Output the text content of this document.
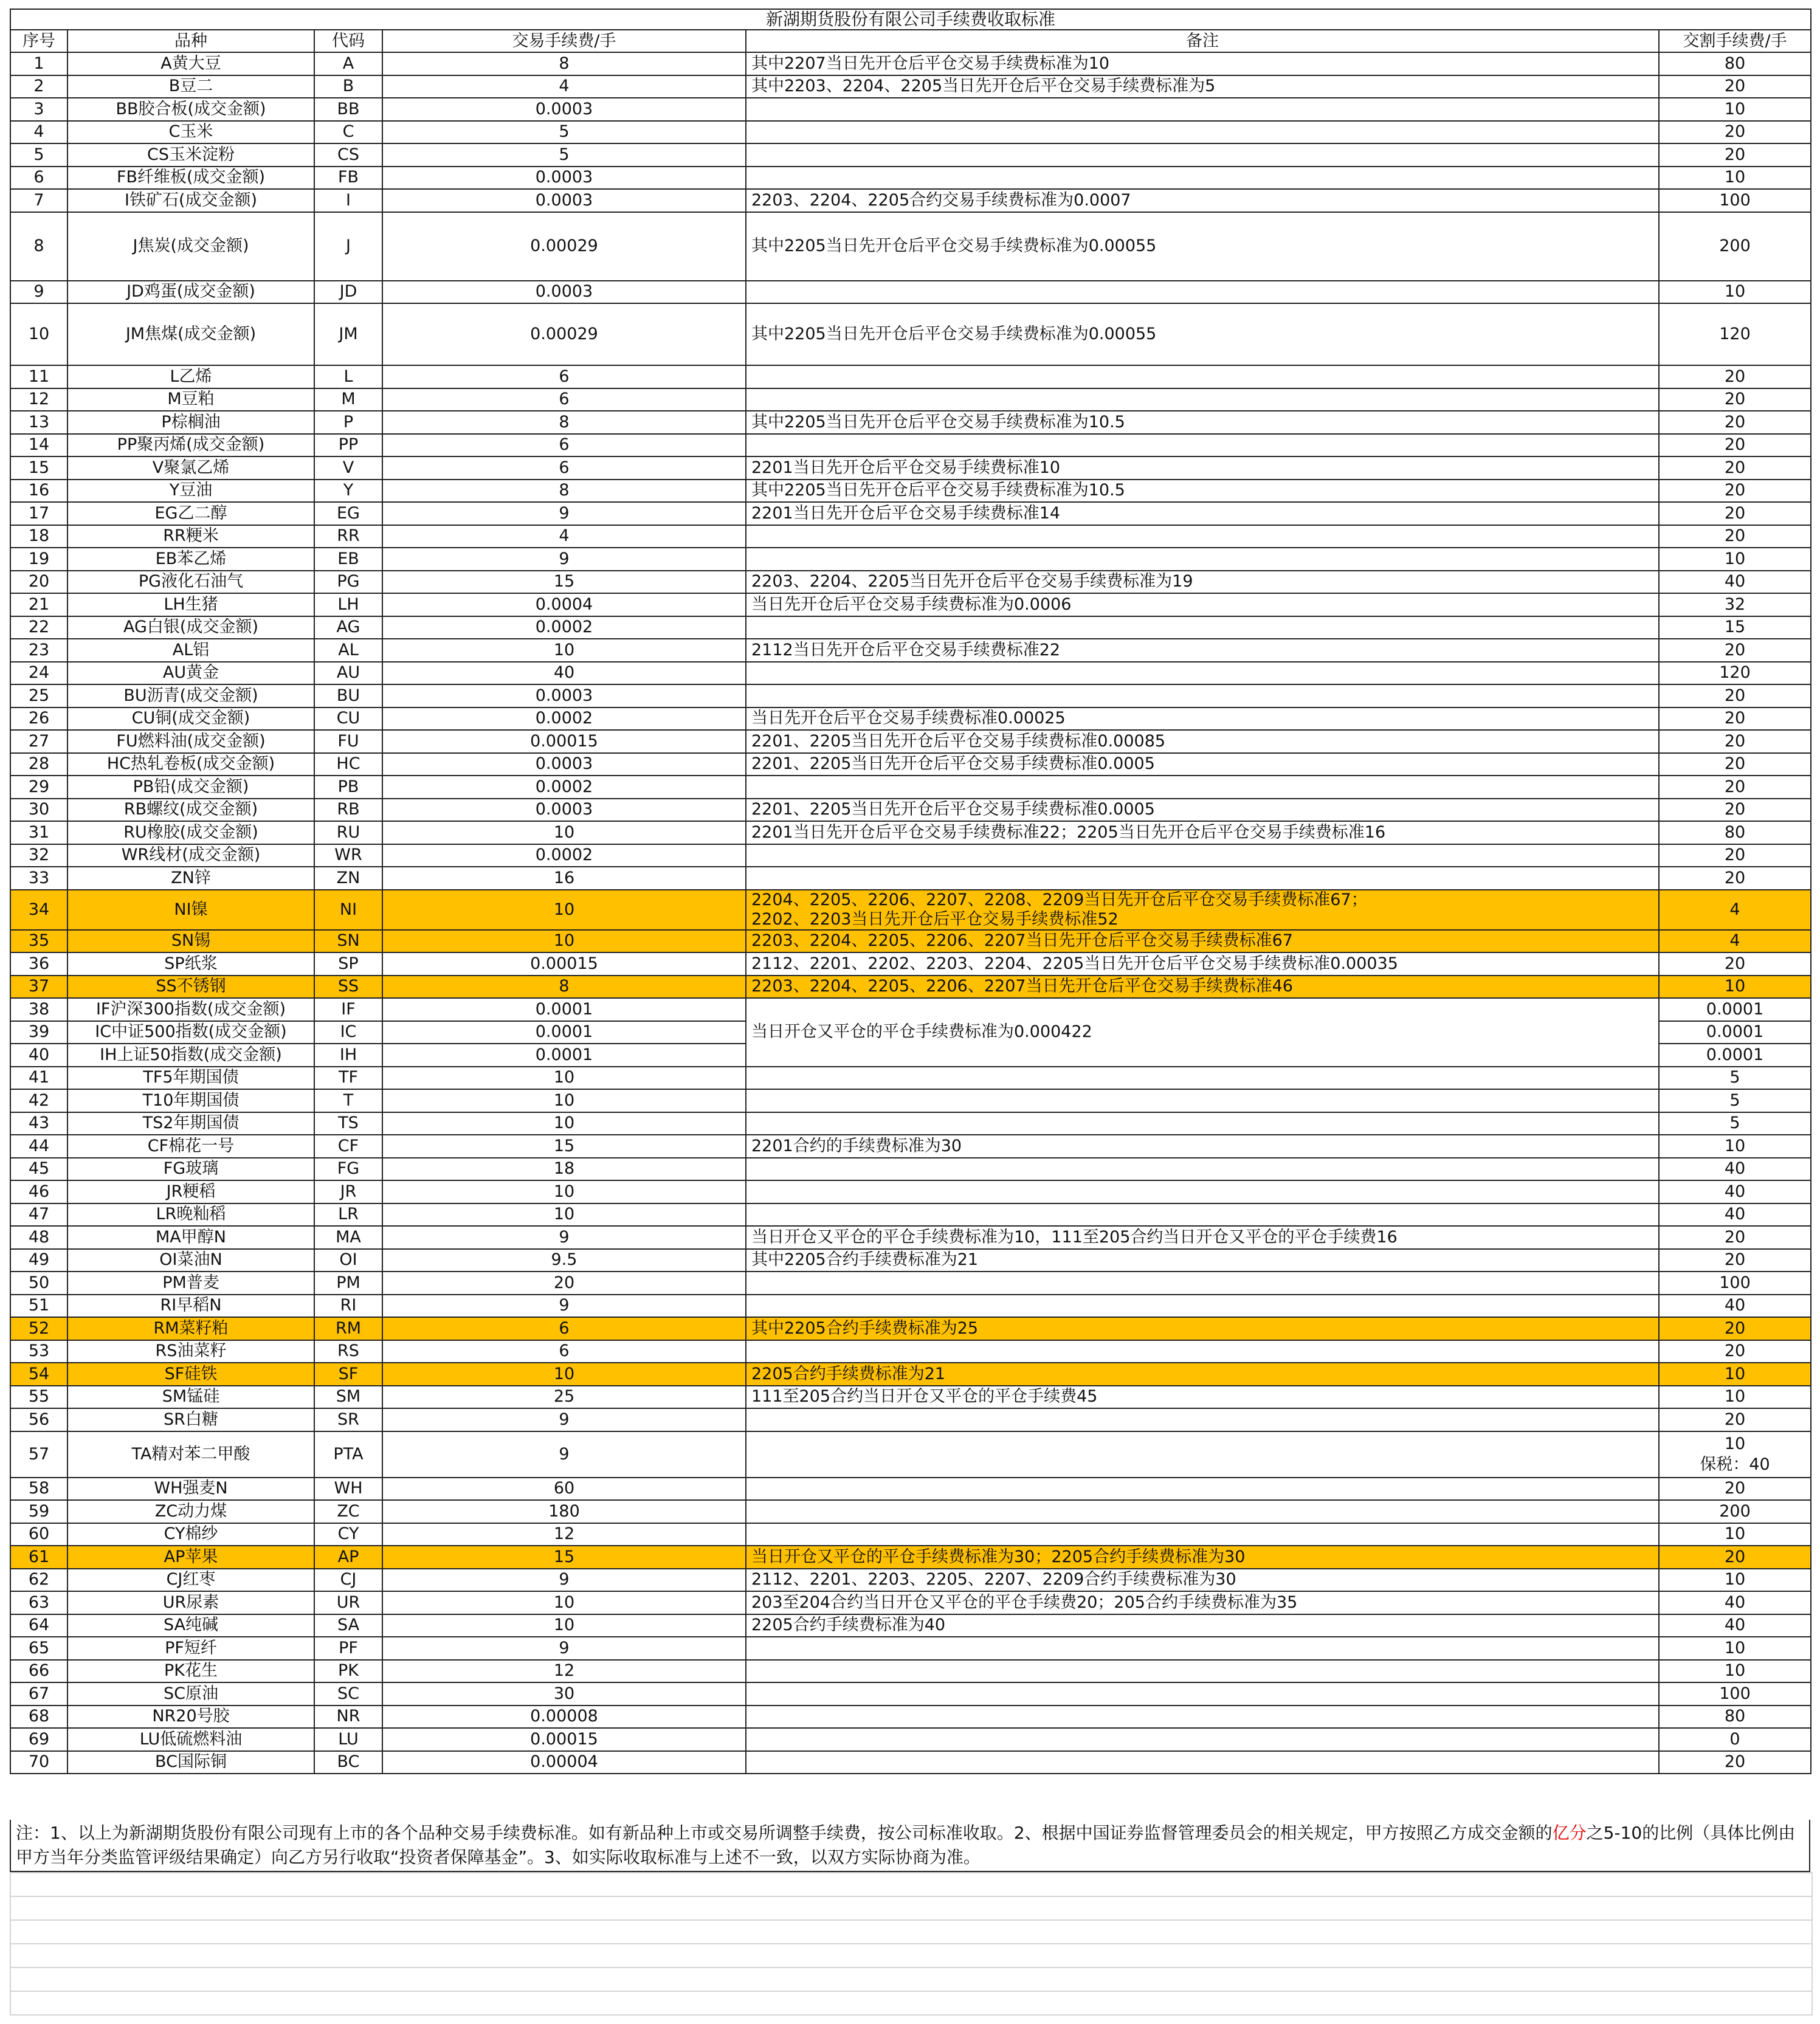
新湖期货股份有限公司手续费收取标准					
序号	品种	代码	交易手续费/手	备注	交割手续费/手
1	A黄大豆	A	8	其中2207当日先开仓后平仓交易手续费标准为10	80
2	B豆二	B	4	其中2203、2204、2205当日先开仓后平仓交易手续费标准为5	20
3	BB胶合板(成交金额)	BB	0.0003		10
4	C玉米	C	5		20
5	CS玉米淀粉	CS	5		20
6	FB纤维板(成交金额)	FB	0.0003		10
7	I铁矿石(成交金额)	I	0.0003	2203、2204、2205合约交易手续费标准为0.0007	100
8	J焦炭(成交金额)	J	0.00029	其中2205当日先开仓后平仓交易手续费标准为0.00055	200
9	JD鸡蛋(成交金额)	JD	0.0003		10
10	JM焦煤(成交金额)	JM	0.00029	其中2205当日先开仓后平仓交易手续费标准为0.00055	120
11	L乙烯	L	6		20
12	M豆粕	M	6		20
13	P棕榈油	P	8	其中2205当日先开仓后平仓交易手续费标准为10.5	20
14	PP聚丙烯(成交金额)	PP	6		20
15	V聚氯乙烯	V	6	2201当日先开仓后平仓交易手续费标准10	20
16	Y豆油	Y	8	其中2205当日先开仓后平仓交易手续费标准为10.5	20
17	EG乙二醇	EG	9	2201当日先开仓后平仓交易手续费标准14	20
18	RR粳米	RR	4		20
19	EB苯乙烯	EB	9		10
20	PG液化石油气	PG	15	2203、2204、2205当日先开仓后平仓交易手续费标准为19	40
21	LH生猪	LH	0.0004	当日先开仓后平仓交易手续费标准为0.0006	32
22	AG白银(成交金额)	AG	0.0002		15
23	AL铝	AL	10	2112当日先开仓后平仓交易手续费标准22	20
24	AU黄金	AU	40		120
25	BU沥青(成交金额)	BU	0.0003		20
26	CU铜(成交金额)	CU	0.0002	当日先开仓后平仓交易手续费标准0.00025	20
27	FU燃料油(成交金额)	FU	0.00015	2201、2205当日先开仓后平仓交易手续费标准0.00085	20
28	HC热轧卷板(成交金额)	HC	0.0003	2201、2205当日先开仓后平仓交易手续费标准0.0005	20
29	PB铅(成交金额)	PB	0.0002		20
30	RB螺纹(成交金额)	RB	0.0003	2201、2205当日先开仓后平仓交易手续费标准0.0005	20
31	RU橡胶(成交金额)	RU	10	2201当日先开仓后平仓交易手续费标准22；2205当日先开仓后平仓交易手续费标准16	80
32	WR线材(成交金额)	WR	0.0002		20
33	ZN锌	ZN	16		20
34	NI镍	NI	10	2204、2205、2206、2207、2208、2209当日先开仓后平仓交易手续费标准67；
2202、2203当日先开仓后平仓交易手续费标准52	4
35	SN锡	SN	10	2203、2204、2205、2206、2207当日先开仓后平仓交易手续费标准67	4
36	SP纸浆	SP	0.00015	2112、2201、2202、2203、2204、2205当日先开仓后平仓交易手续费标准0.00035	20
37	SS不锈钢	SS	8	2203、2204、2205、2206、2207当日先开仓后平仓交易手续费标准46	10
38	IF沪深300指数(成交金额)	IF	0.0001	当日开仓又平仓的平仓手续费标准为0.000422	0.0001
39	IC中证500指数(成交金额)	IC	0.0001		0.0001
40	IH上证50指数(成交金额)	IH	0.0001		0.0001
41	TF5年期国债	TF	10		5
42	T10年期国债	T	10		5
43	TS2年期国债	TS	10		5
44	CF棉花一号	CF	15	2201合约的手续费标准为30	10
45	FG玻璃	FG	18		40
46	JR粳稻	JR	10		40
47	LR晚籼稻	LR	10		40
48	MA甲醇N	MA	9	当日开仓又平仓的平仓手续费标准为10，111至205合约当日开仓又平仓的平仓手续费16	20
49	OI菜油N	OI	9.5	其中2205合约手续费标准为21	20
50	PM普麦	PM	20		100
51	RI早稻N	RI	9		40
52	RM菜籽粕	RM	6	其中2205合约手续费标准为25	20
53	RS油菜籽	RS	6		20
54	SF硅铁	SF	10	2205合约手续费标准为21	10
55	SM锰硅	SM	25	111至205合约当日开仓又平仓的平仓手续费45	10
56	SR白糖	SR	9		20
57	TA精对苯二甲酸	PTA	9		10
保税：40

58	WH强麦N	WH	60		20
59	ZC动力煤	ZC	180		200
60	CY棉纱	CY	12		10
61	AP苹果	AP	15	当日开仓又平仓的平仓手续费标准为30；2205合约手续费标准为30	20
62	CJ红枣	CJ	9	2112、2201、2203、2205、2207、2209合约手续费标准为30	10
63	UR尿素	UR	10	203至204合约当日开仓又平仓的平仓手续费20；205合约手续费标准为35	40
64	SA纯碱	SA	10	2205合约手续费标准为40	40
65	PF短纤	PF	9		10
66	PK花生	PK	12		10
67	SC原油	SC	30		100
68	NR20号胶	NR	0.00008		80
69	LU低硫燃料油	LU	0.00015		0
70	BC国际铜	BC	0.00004		20
注：1、以上为新湖期货股份有限公司现有上市的各个品种交易手续费标准。如有新品种上市或交易所调整手续费，按公司标准收取。2、根据中国证券监督管理委员会的相关规定，甲方按照乙方成交金额的亿分之5-10的比例（具体比例由甲方当年分类监管评级结果确定）向乙方另行收取“投资者保障基金”。3、如实际收取标准与上述不一致，以双方实际协商为准。
